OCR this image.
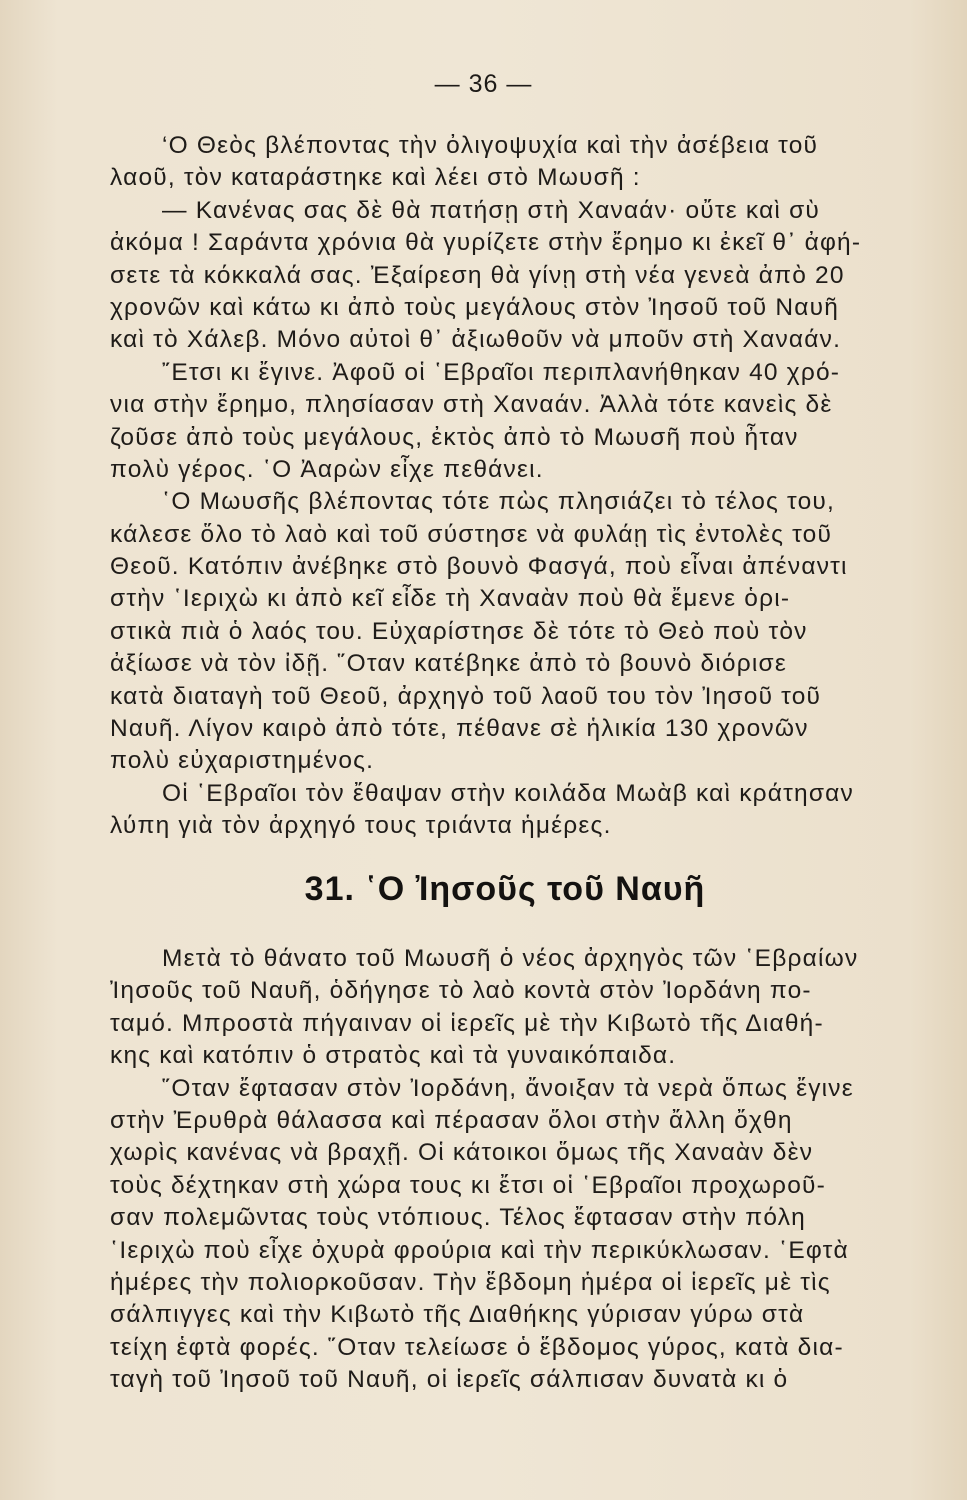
— 36 —
‘Ο Θεὸς βλέποντας τὴν ὀλιγοψυχία καὶ τὴν ἀσέβεια τοῦ
λαοῦ, τὸν καταράστηκε καὶ λέει στὸ Μωυσῆ :
— Κανένας σας δὲ θὰ πατήσῃ στὴ Χαναάν· οὔτε καὶ σὺ
ἀκόμα ! Σαράντα χρόνια θὰ γυρίζετε στὴν ἔρημο κι ἐκεῖ θ᾿ ἀφή-
σετε τὰ κόκκαλά σας. Ἐξαίρεση θὰ γίνῃ στὴ νέα γενεὰ ἀπὸ 20
χρονῶν καὶ κάτω κι ἀπὸ τοὺς μεγάλους στὸν Ἰησοῦ τοῦ Ναυῆ
καὶ τὸ Χάλεβ. Μόνο αὐτοὶ θ᾿ ἀξιωθοῦν νὰ μποῦν στὴ Χαναάν.
῎Ετσι κι ἔγινε. Ἀφοῦ οἱ ῾Εβραῖοι περιπλανήθηκαν 40 χρό-
νια στὴν ἔρημο, πλησίασαν στὴ Χαναάν. Ἀλλὰ τότε κανεὶς δὲ
ζοῦσε ἀπὸ τοὺς μεγάλους, ἐκτὸς ἀπὸ τὸ Μωυσῆ ποὺ ἦταν
πολὺ γέρος. ῾Ο Ἀαρὼν εἶχε πεθάνει.
῾Ο Μωυσῆς βλέποντας τότε πὼς πλησιάζει τὸ τέλος του,
κάλεσε ὅλο τὸ λαὸ καὶ τοῦ σύστησε νὰ φυλάῃ τὶς ἐντολὲς τοῦ
Θεοῦ. Κατόπιν ἀνέβηκε στὸ βουνὸ Φασγά, ποὺ εἶναι ἀπέναντι
στὴν ῾Ιεριχὼ κι ἀπὸ κεῖ εἶδε τὴ Χαναὰν ποὺ θὰ ἔμενε ὁρι-
στικὰ πιὰ ὁ λαός του. Εὐχαρίστησε δὲ τότε τὸ Θεὸ ποὺ τὸν
ἀξίωσε νὰ τὸν ἰδῇ. ῞Οταν κατέβηκε ἀπὸ τὸ βουνὸ διόρισε
κατὰ διαταγὴ τοῦ Θεοῦ, ἀρχηγὸ τοῦ λαοῦ του τὸν Ἰησοῦ τοῦ
Ναυῆ. Λίγον καιρὸ ἀπὸ τότε, πέθανε σὲ ἡλικία 130 χρονῶν
πολὺ εὐχαριστημένος.
Οἱ ῾Εβραῖοι τὸν ἔθαψαν στὴν κοιλάδα Μωὰβ καὶ κράτησαν
λύπη γιὰ τὸν ἀρχηγό τους τριάντα ἡμέρες.
31. ῾Ο Ἰησοῦς τοῦ Ναυῆ
Μετὰ τὸ θάνατο τοῦ Μωυσῆ ὁ νέος ἀρχηγὸς τῶν ῾Εβραίων
Ἰησοῦς τοῦ Ναυῆ, ὁδήγησε τὸ λαὸ κοντὰ στὸν Ἰορδάνη πο-
ταμό. Μπροστὰ πήγαιναν οἱ ἱερεῖς μὲ τὴν Κιβωτὸ τῆς Διαθή-
κης καὶ κατόπιν ὁ στρατὸς καὶ τὰ γυναικόπαιδα.
῞Οταν ἔφτασαν στὸν Ἰορδάνη, ἄνοιξαν τὰ νερὰ ὅπως ἔγινε
στὴν Ἐρυθρὰ θάλασσα καὶ πέρασαν ὅλοι στὴν ἄλλη ὄχθη
χωρὶς κανένας νὰ βραχῇ. Οἱ κάτοικοι ὅμως τῆς Χαναὰν δὲν
τοὺς δέχτηκαν στὴ χώρα τους κι ἔτσι οἱ ῾Εβραῖοι προχωροῦ-
σαν πολεμῶντας τοὺς ντόπιους. Τέλος ἔφτασαν στὴν πόλη
῾Ιεριχὼ ποὺ εἶχε ὀχυρὰ φρούρια καὶ τὴν περικύκλωσαν. ῾Εφτὰ
ἡμέρες τὴν πολιορκοῦσαν. Τὴν ἕβδομη ἡμέρα οἱ ἱερεῖς μὲ τὶς
σάλπιγγες καὶ τὴν Κιβωτὸ τῆς Διαθήκης γύρισαν γύρω στὰ
τείχη ἑφτὰ φορές. ῞Οταν τελείωσε ὁ ἕβδομος γύρος, κατὰ δια-
ταγὴ τοῦ Ἰησοῦ τοῦ Ναυῆ, οἱ ἱερεῖς σάλπισαν δυνατὰ κι ὁ
